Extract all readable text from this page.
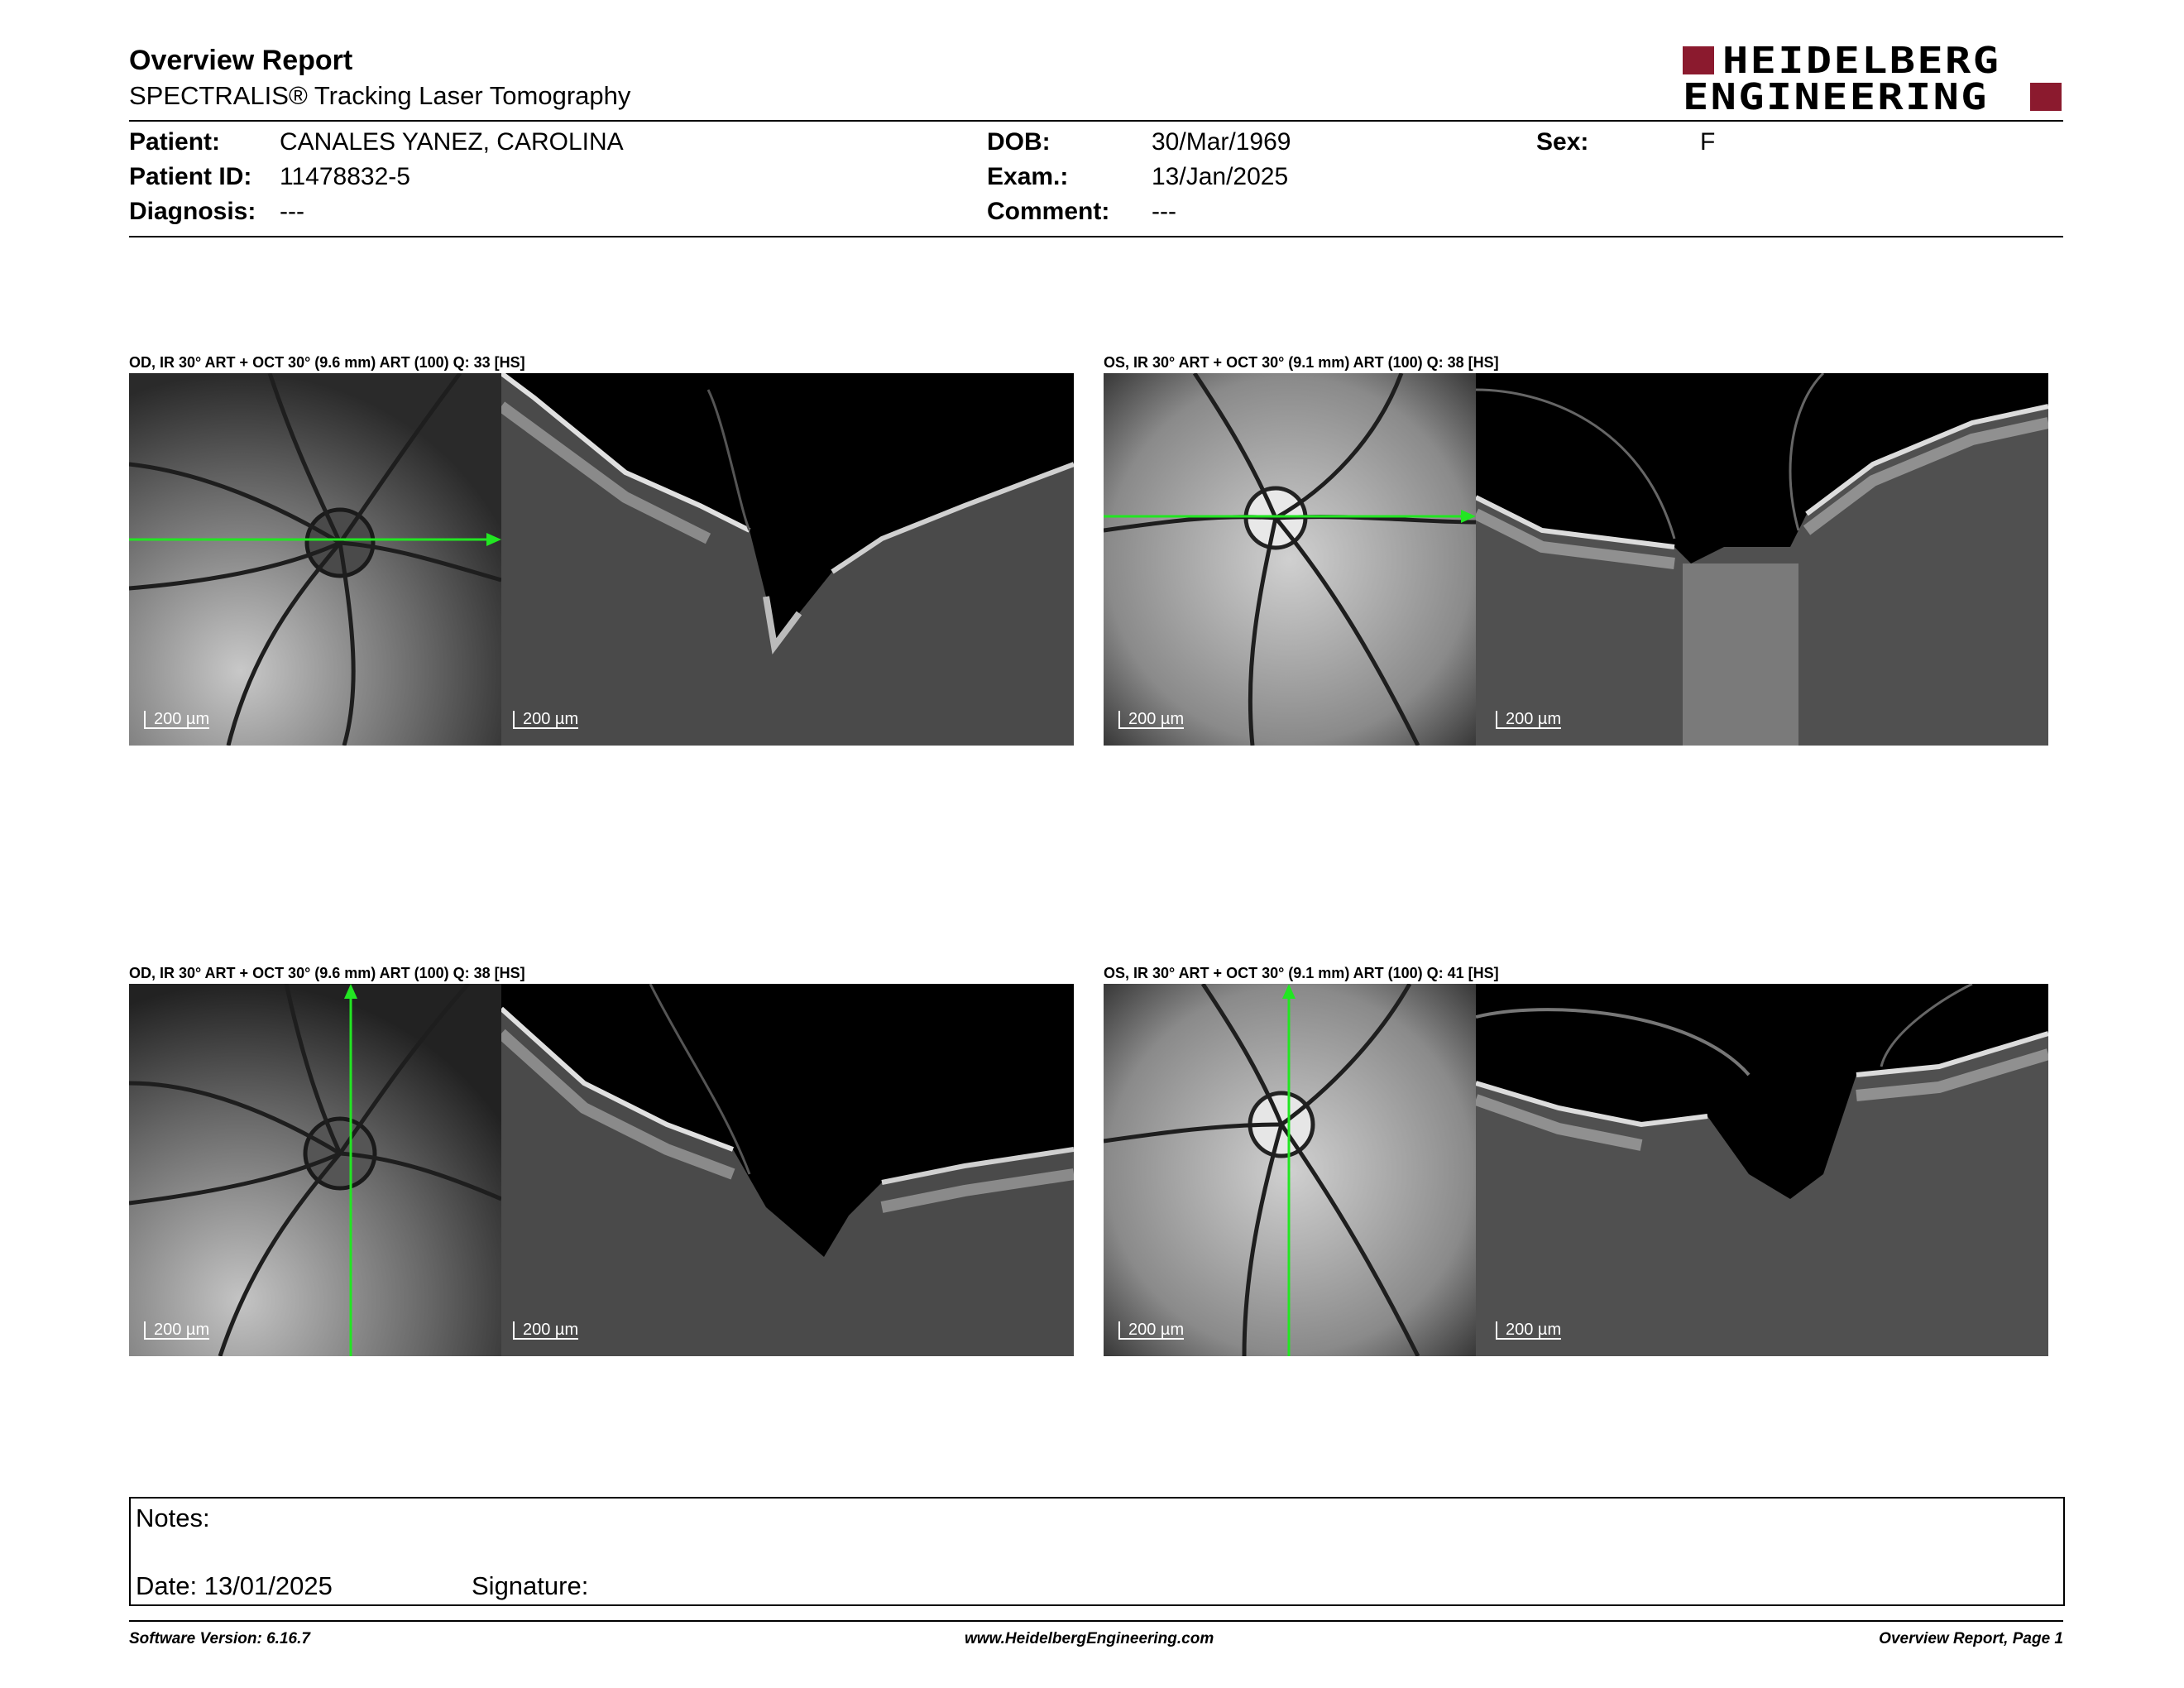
Overview Report
SPECTRALIS® Tracking Laser Tomography
HEIDELBERG
ENGINEERING
Patient: CANALES YANEZ, CAROLINA
Patient ID: 11478832-5
Diagnosis: ---
DOB:	30/Mar/1969
Exam.:	13/Jan/2025
Comment: ---
Sex:	F
OD, IR 30° ART + OCT 30° (9.6 mm) ART (100) Q: 33 [HS]
200 µm	200 µm
OS, IR 30° ART + OCT 30° (9.1 mm) ART (100) Q: 38 [HS]
200 µm	200 µm
OD, IR 30° ART + OCT 30° (9.6 mm) ART (100) Q: 38 [HS]
200 µm	200 µm
OS, IR 30° ART + OCT 30° (9.1 mm) ART (100) Q: 41 [HS]
200 µm	200 µm
Notes:
Date: 13/01/2025	Signature:
Software Version: 6.16.7	www.HeidelbergEngineering.com	Overview Report, Page 1
